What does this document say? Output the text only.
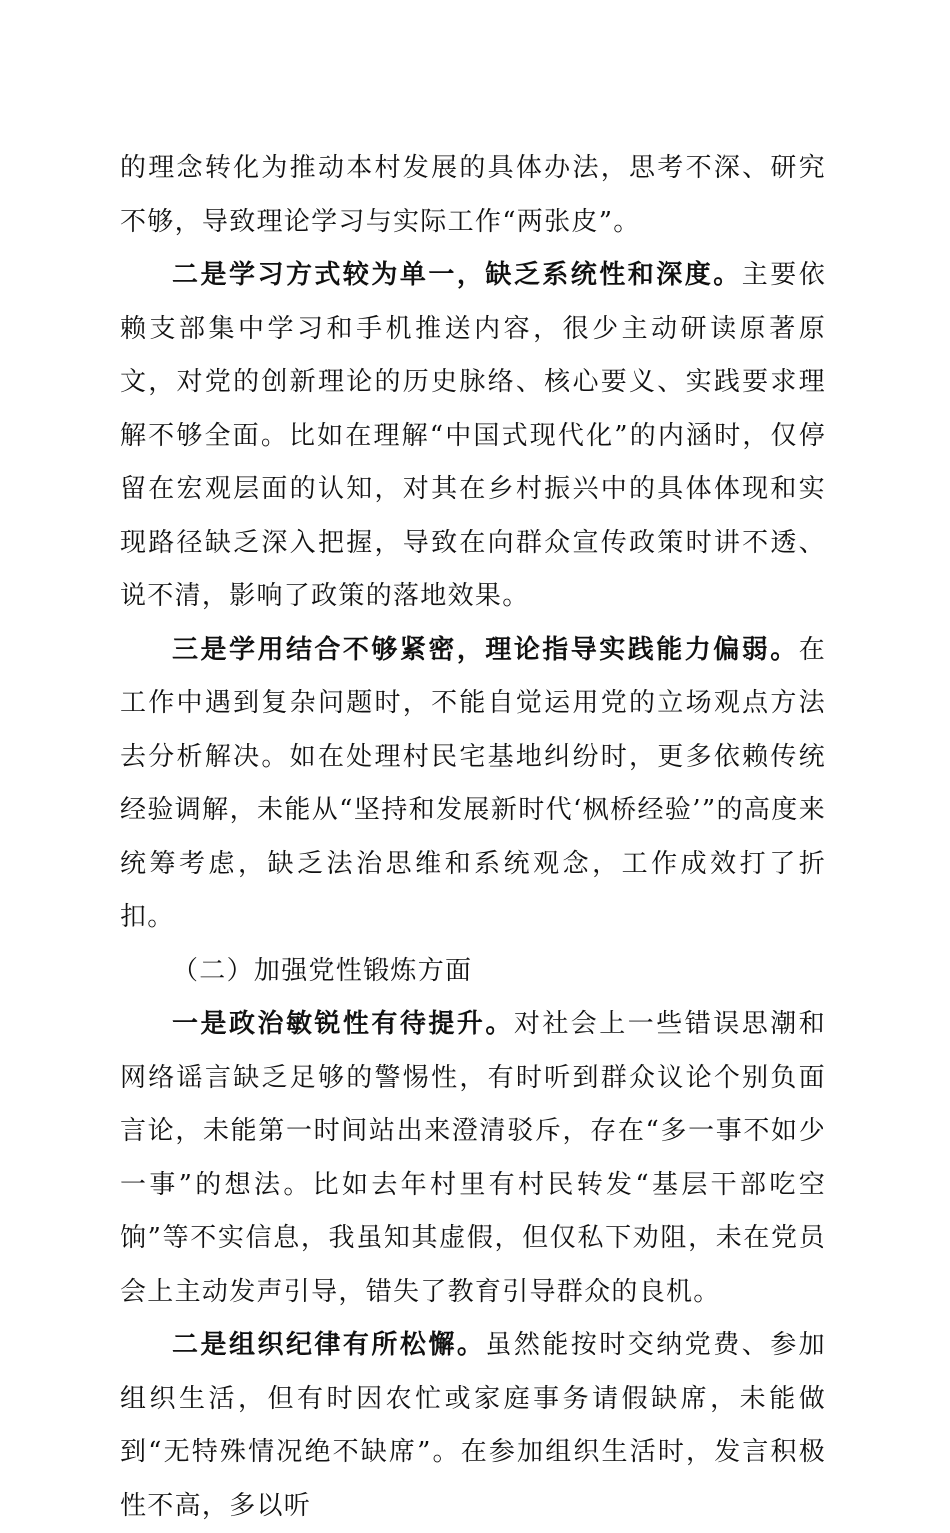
的理念转化为推动本村发展的具体办法，思考不深、研究不够，导致理论学习与实际工作“两张皮”。

二是学习方式较为单一，缺乏系统性和深度。主要依赖支部集中学习和手机推送内容，很少主动研读原著原文，对党的创新理论的历史脉络、核心要义、实践要求理解不够全面。比如在理解“中国式现代化”的内涵时，仅停留在宏观层面的认知，对其在乡村振兴中的具体体现和实现路径缺乏深入把握，导致在向群众宣传政策时讲不透、说不清，影响了政策的落地效果。

三是学用结合不够紧密，理论指导实践能力偏弱。在工作中遇到复杂问题时，不能自觉运用党的立场观点方法去分析解决。如在处理村民宅基地纠纷时，更多依赖传统经验调解，未能从“坚持和发展新时代‘枫桥经验’”的高度来统筹考虑，缺乏法治思维和系统观念，工作成效打了折扣。

（二）加强党性锻炼方面

一是政治敏锐性有待提升。对社会上一些错误思潮和网络谣言缺乏足够的警惕性，有时听到群众议论个别负面言论，未能第一时间站出来澄清驳斥，存在“多一事不如少一事”的想法。比如去年村里有村民转发“基层干部吃空饷”等不实信息，我虽知其虚假，但仅私下劝阻，未在党员会上主动发声引导，错失了教育引导群众的良机。

二是组织纪律有所松懈。虽然能按时交纳党费、参加组织生活，但有时因农忙或家庭事务请假缺席，未能做到“无特殊情况绝不缺席”。在参加组织生活时，发言积极性不高，多以听
